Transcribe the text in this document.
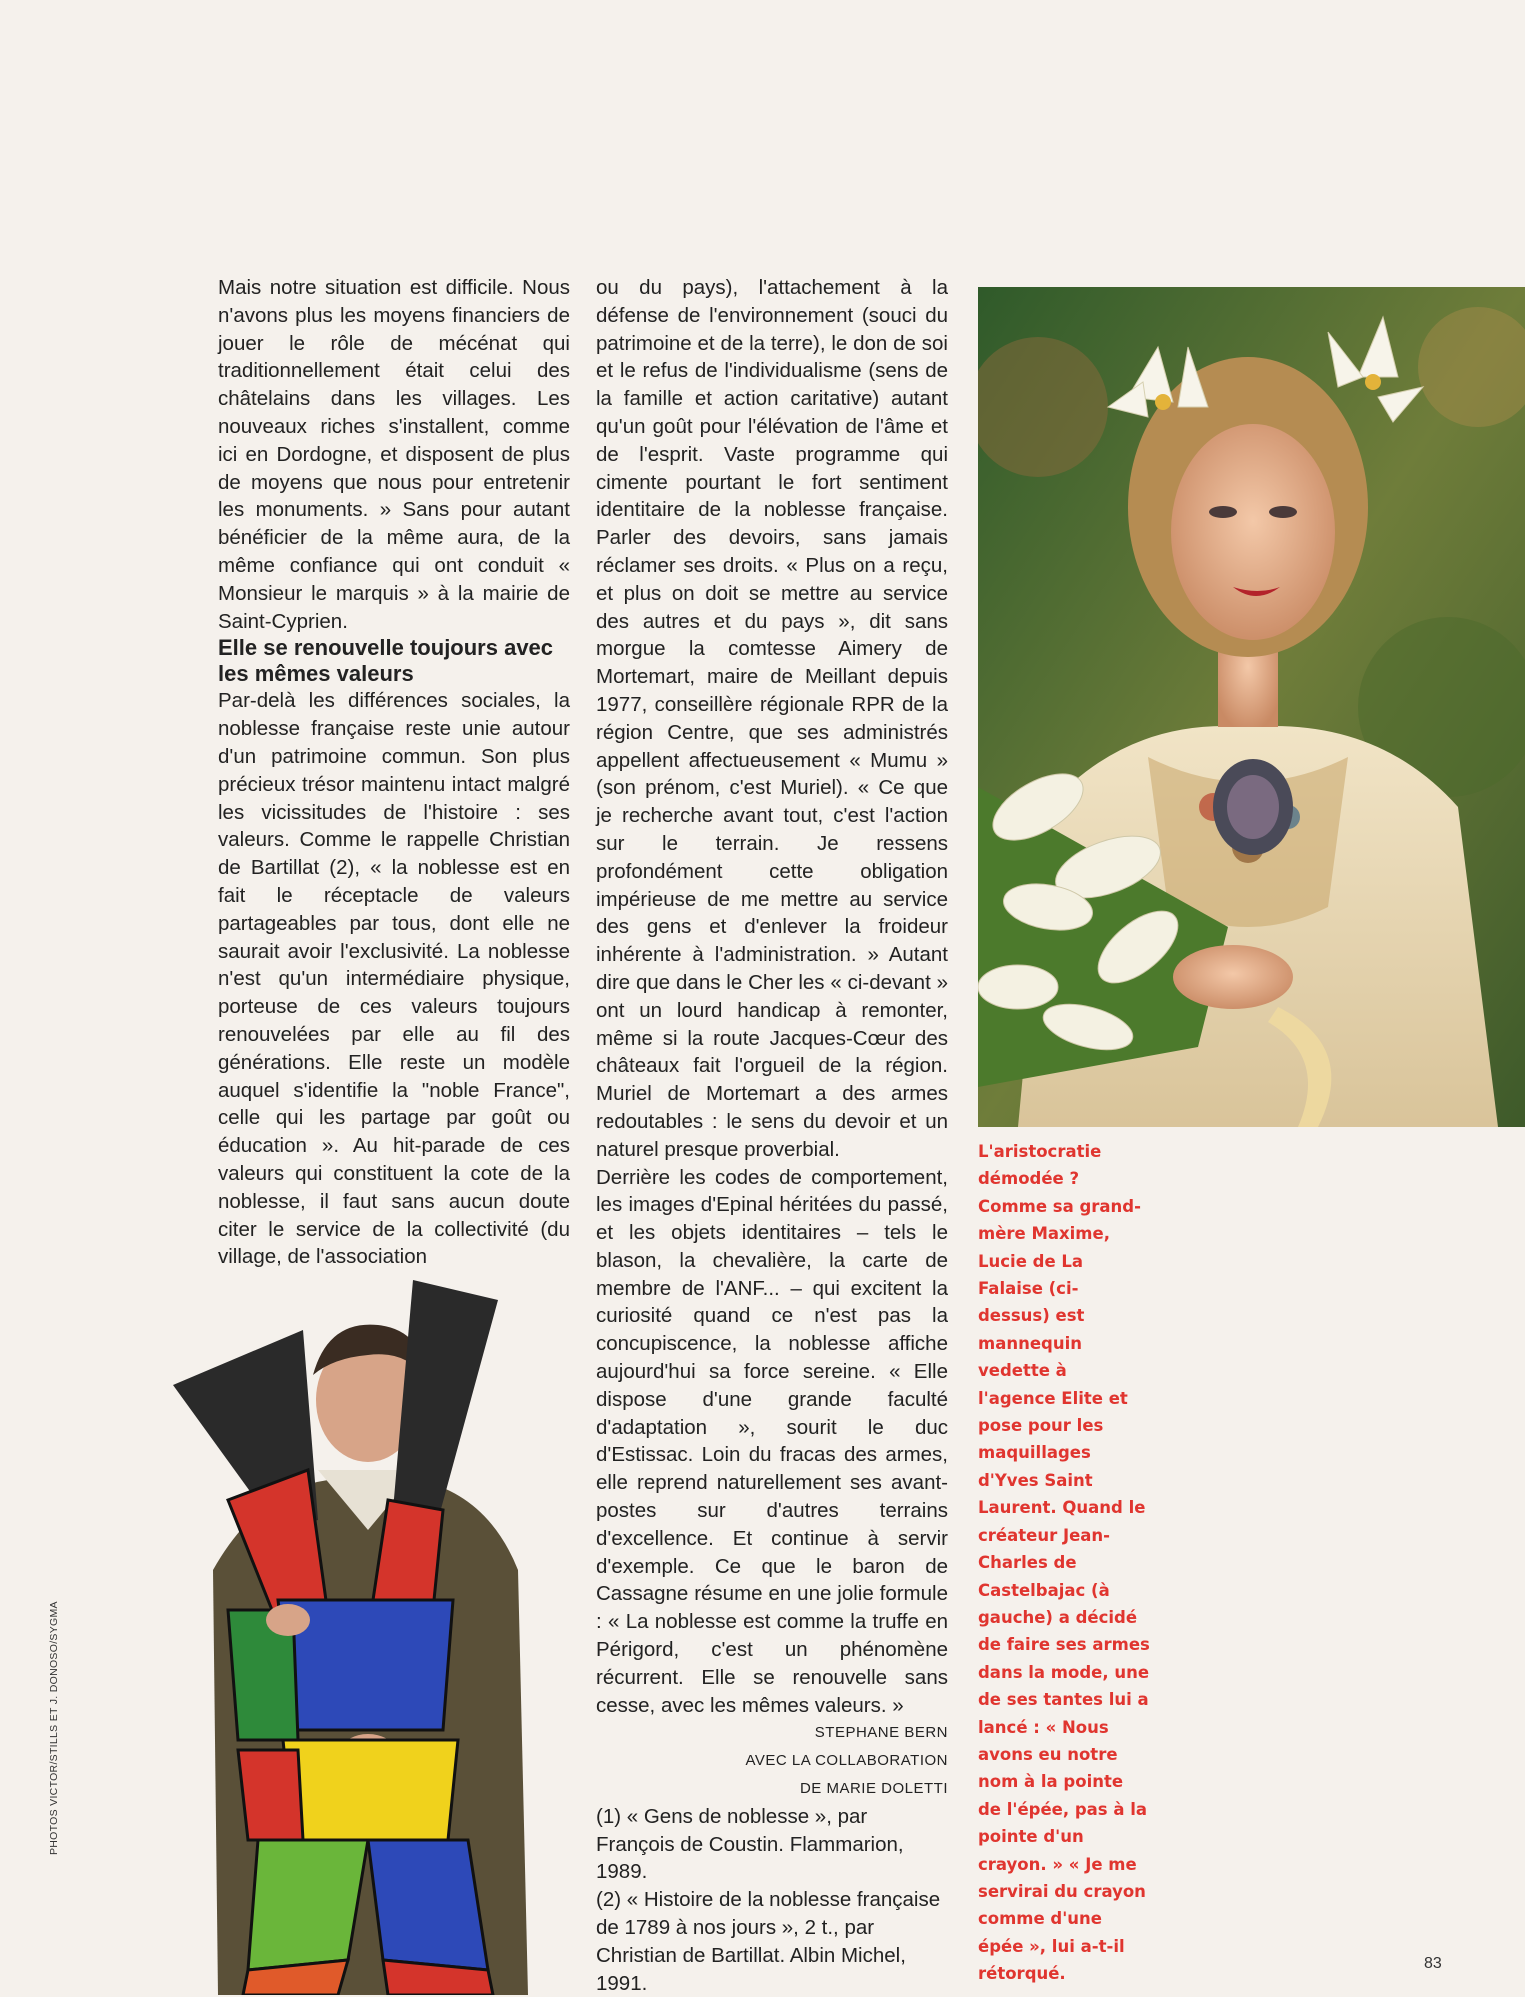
Mais notre situation est difficile. Nous n'avons plus les moyens financiers de jouer le rôle de mécénat qui traditionnellement était celui des châtelains dans les villages. Les nouveaux riches s'installent, comme ici en Dordogne, et disposent de plus de moyens que nous pour entretenir les monuments. » Sans pour autant bénéficier de la même aura, de la même confiance qui ont conduit « Monsieur le marquis » à la mairie de Saint-Cyprien.

Elle se renouvelle toujours avec les mêmes valeurs

Par-delà les différences sociales, la noblesse française reste unie autour d'un patrimoine commun. Son plus précieux trésor maintenu intact malgré les vicissitudes de l'histoire : ses valeurs. Comme le rappelle Christian de Bartillat (2), « la noblesse est en fait le réceptacle de valeurs partageables par tous, dont elle ne saurait avoir l'exclusivité. La noblesse n'est qu'un intermédiaire physique, porteuse de ces valeurs toujours renouvelées par elle au fil des générations. Elle reste un modèle auquel s'identifie la "noble France", celle qui les partage par goût ou éducation ». Au hit-parade de ces valeurs qui constituent la cote de la noblesse, il faut sans aucun doute citer le service de la collectivité (du village, de l'association

ou du pays), l'attachement à la défense de l'environnement (souci du patrimoine et de la terre), le don de soi et le refus de l'individualisme (sens de la famille et action caritative) autant qu'un goût pour l'élévation de l'âme et de l'esprit. Vaste programme qui cimente pourtant le fort sentiment identitaire de la noblesse française. Parler des devoirs, sans jamais réclamer ses droits. « Plus on a reçu, et plus on doit se mettre au service des autres et du pays », dit sans morgue la comtesse Aimery de Mortemart, maire de Meillant depuis 1977, conseillère régionale RPR de la région Centre, que ses administrés appellent affectueusement « Mumu » (son prénom, c'est Muriel). « Ce que je recherche avant tout, c'est l'action sur le terrain. Je ressens profondément cette obligation impérieuse de me mettre au service des gens et d'enlever la froideur inhérente à l'administration. » Autant dire que dans le Cher les « ci-devant » ont un lourd handicap à remonter, même si la route Jacques-Cœur des châteaux fait l'orgueil de la région. Muriel de Mortemart a des armes redoutables : le sens du devoir et un naturel presque proverbial.

Derrière les codes de comportement, les images d'Epinal héritées du passé, et les objets identitaires – tels le blason, la chevalière, la carte de membre de l'ANF... – qui excitent la curiosité quand ce n'est pas la concupiscence, la noblesse affiche aujourd'hui sa force sereine. « Elle dispose d'une grande faculté d'adaptation », sourit le duc d'Estissac. Loin du fracas des armes, elle reprend naturellement ses avant-postes sur d'autres terrains d'excellence. Et continue à servir d'exemple. Ce que le baron de Cassagne résume en une jolie formule : « La noblesse est comme la truffe en Périgord, c'est un phénomène récurrent. Elle se renouvelle sans cesse, avec les mêmes valeurs. »

STEPHANE BERN

AVEC LA COLLABORATION

DE MARIE DOLETTI

(1) « Gens de noblesse », par François de Coustin. Flammarion, 1989.

(2) « Histoire de la noblesse française de 1789 à nos jours », 2 t., par Christian de Bartillat. Albin Michel, 1991.

L'aristocratie démodée ? Comme sa grand-mère Maxime, Lucie de La Falaise (ci-dessus) est mannequin vedette à l'agence Elite et pose pour les maquillages d'Yves Saint Laurent. Quand le créateur Jean-Charles de Castelbajac (à gauche) a décidé de faire ses armes dans la mode, une de ses tantes lui a lancé : « Nous avons eu notre nom à la pointe de l'épée, pas à la pointe d'un crayon. » « Je me servirai du crayon comme d'une épée », lui a-t-il rétorqué.
PHOTOS VICTOR/STILLS ET J. DONOSO/SYGMA
83
